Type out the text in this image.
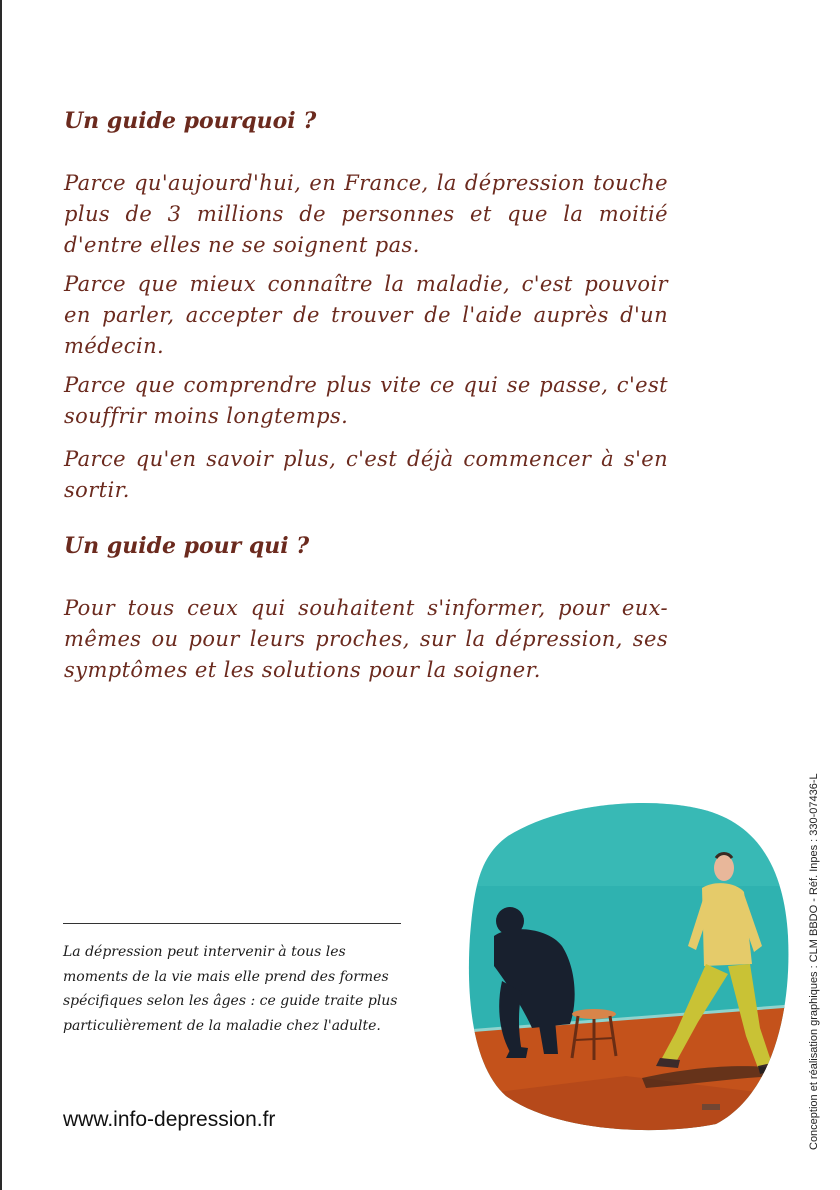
Un guide pourquoi ?

Parce qu'aujourd'hui, en France, la dépression touche plus de 3 millions de personnes et que la moitié d'entre elles ne se soignent pas.

Parce que mieux connaître la maladie, c'est pouvoir en parler, accepter de trouver de l'aide auprès d'un médecin.

Parce que comprendre plus vite ce qui se passe, c'est souffrir moins longtemps.

Parce qu'en savoir plus, c'est déjà commencer à s'en sortir.

Un guide pour qui ?

Pour tous ceux qui souhaitent s'informer, pour eux-mêmes ou pour leurs proches, sur la dépression, ses symptômes et les solutions pour la soigner.

La dépression peut intervenir à tous les moments de la vie mais elle prend des formes spécifiques selon les âges : ce guide traite plus particulièrement de la maladie chez l'adulte.

www.info-depression.fr	Conception et réalisation graphiques : CLM BBDO - Réf. Inpes : 330-07436-L
